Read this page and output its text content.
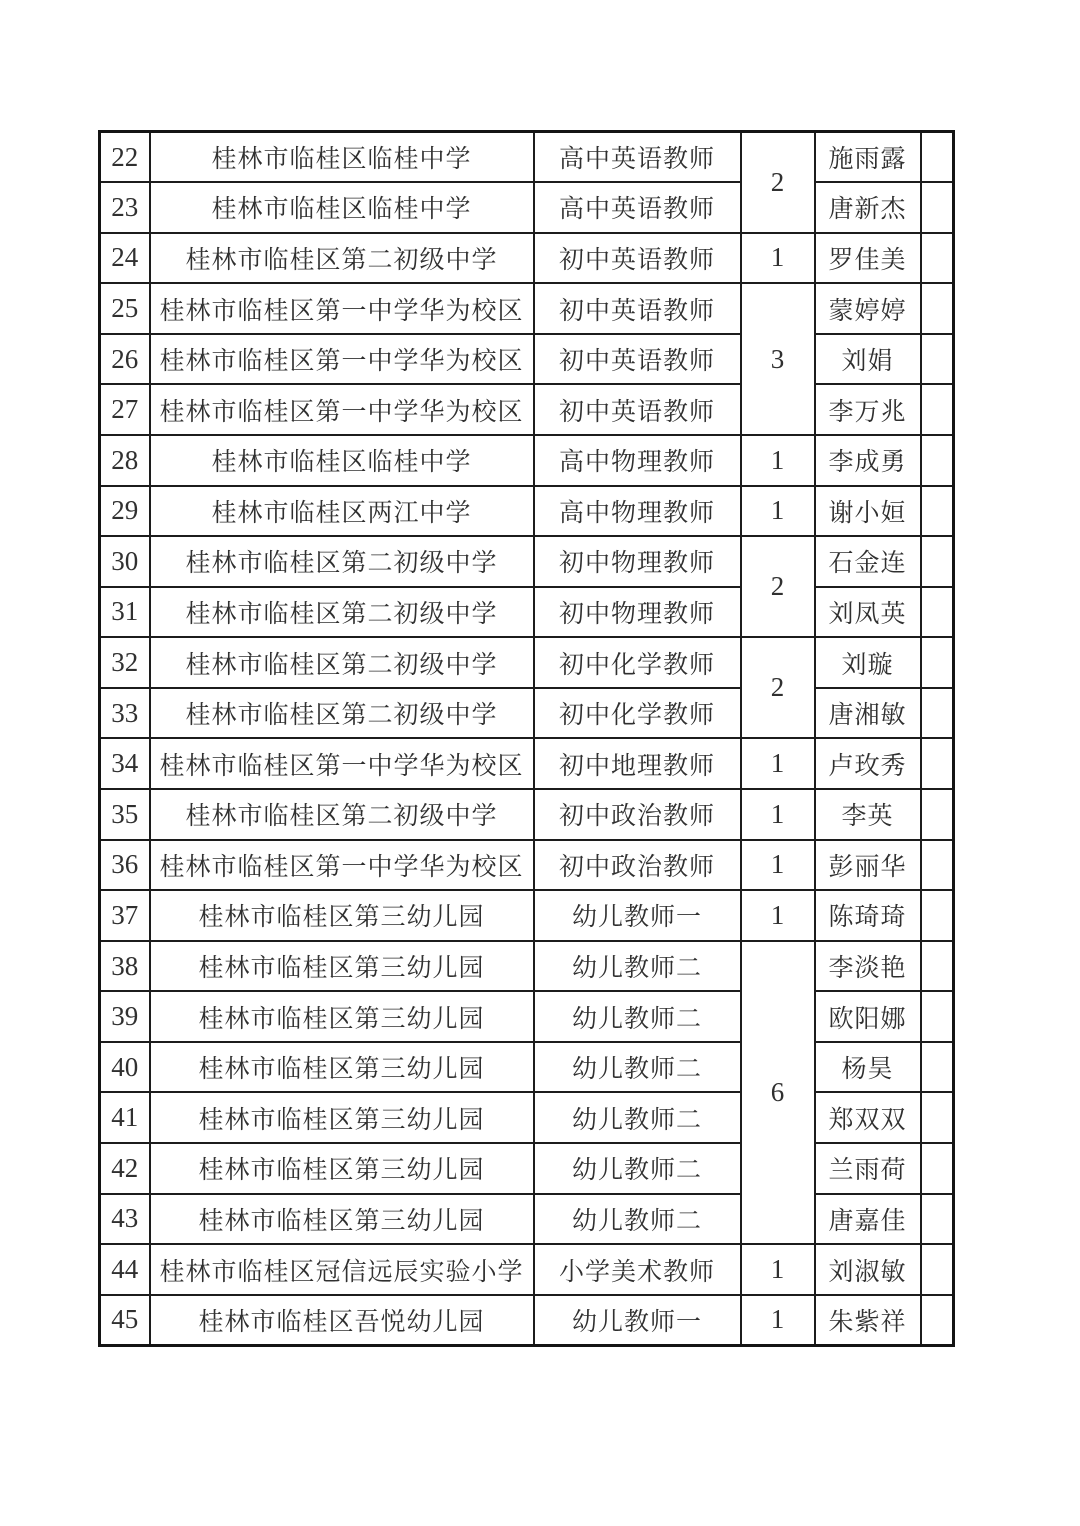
22	桂林市临桂区临桂中学	高中英语教师	2	施雨露	
23	桂林市临桂区临桂中学	高中英语教师		唐新杰	
24	桂林市临桂区第二初级中学	初中英语教师	1	罗佳美	
25	桂林市临桂区第一中学华为校区	初中英语教师	3	蒙婷婷	
26	桂林市临桂区第一中学华为校区	初中英语教师		刘娟	
27	桂林市临桂区第一中学华为校区	初中英语教师		李万兆	
28	桂林市临桂区临桂中学	高中物理教师	1	李成勇	
29	桂林市临桂区两江中学	高中物理教师	1	谢小姮	
30	桂林市临桂区第二初级中学	初中物理教师	2	石金连	
31	桂林市临桂区第二初级中学	初中物理教师		刘凤英	
32	桂林市临桂区第二初级中学	初中化学教师	2	刘璇	
33	桂林市临桂区第二初级中学	初中化学教师		唐湘敏	
34	桂林市临桂区第一中学华为校区	初中地理教师	1	卢玫秀	
35	桂林市临桂区第二初级中学	初中政治教师	1	李英	
36	桂林市临桂区第一中学华为校区	初中政治教师	1	彭丽华	
37	桂林市临桂区第三幼儿园	幼儿教师一	1	陈琦琦	
38	桂林市临桂区第三幼儿园	幼儿教师二	6	李淡艳	
39	桂林市临桂区第三幼儿园	幼儿教师二		欧阳娜	
40	桂林市临桂区第三幼儿园	幼儿教师二		杨昊	
41	桂林市临桂区第三幼儿园	幼儿教师二		郑双双	
42	桂林市临桂区第三幼儿园	幼儿教师二		兰雨荷	
43	桂林市临桂区第三幼儿园	幼儿教师二		唐嘉佳	
44	桂林市临桂区冠信远辰实验小学	小学美术教师	1	刘淑敏	
45	桂林市临桂区吾悦幼儿园	幼儿教师一	1	朱紫祥	
